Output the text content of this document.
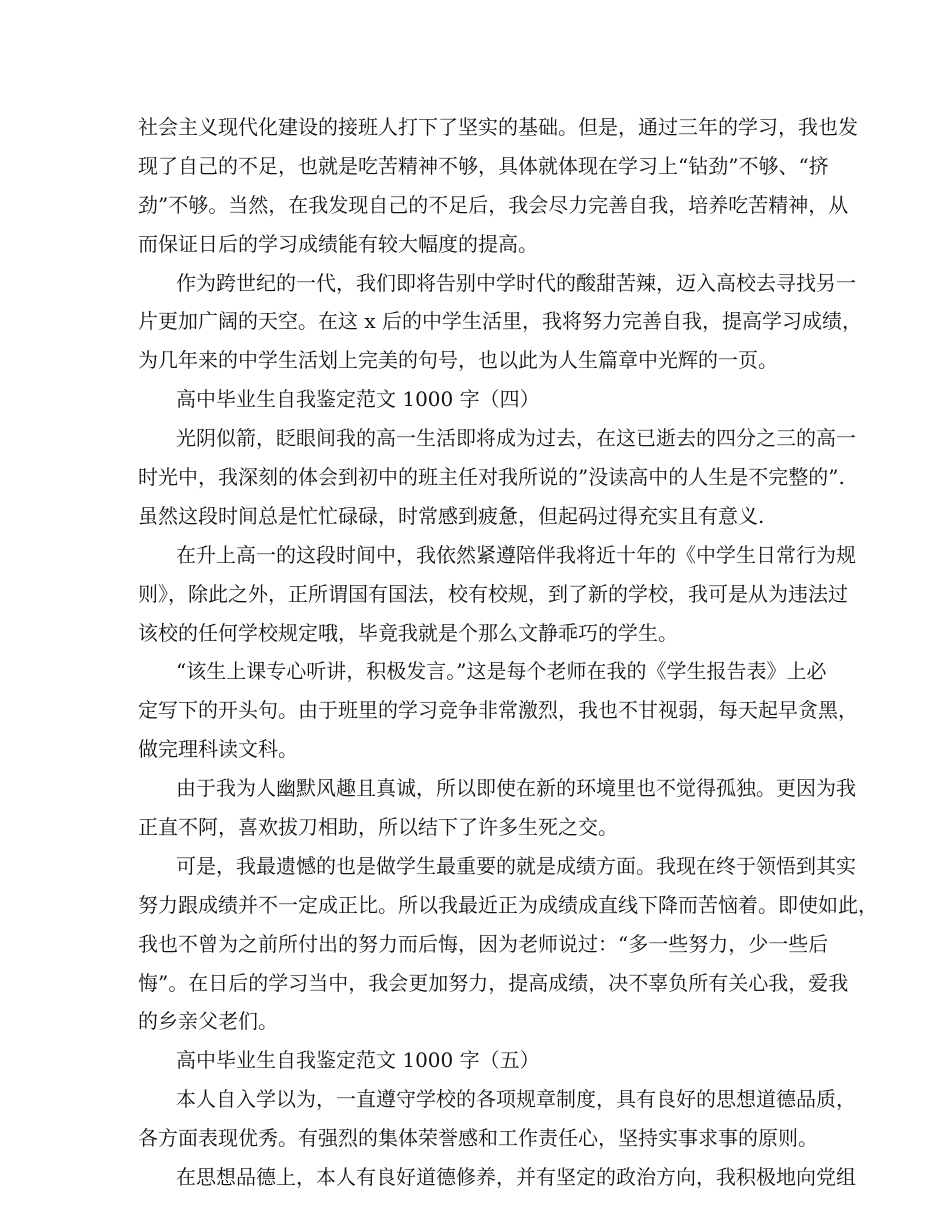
社会主义现代化建设的接班人打下了坚实的基础。但是，通过三年的学习，我也发
现了自己的不足，也就是吃苦精神不够，具体就体现在学习上“钻劲”不够、“挤
劲”不够。当然，在我发现自己的不足后，我会尽力完善自我，培养吃苦精神，从
而保证日后的学习成绩能有较大幅度的提高。
作为跨世纪的一代，我们即将告别中学时代的酸甜苦辣，迈入高校去寻找另一
片更加广阔的天空。在这 x 后的中学生活里，我将努力完善自我，提高学习成绩，
为几年来的中学生活划上完美的句号，也以此为人生篇章中光辉的一页。
高中毕业生自我鉴定范文 1000 字（四）
光阴似箭，眨眼间我的高一生活即将成为过去，在这已逝去的四分之三的高一
时光中，我深刻的体会到初中的班主任对我所说的”没读高中的人生是不完整的”.
虽然这段时间总是忙忙碌碌，时常感到疲惫，但起码过得充实且有意义.
在升上高一的这段时间中，我依然紧遵陪伴我将近十年的《中学生日常行为规
则》，除此之外，正所谓国有国法，校有校规，到了新的学校，我可是从为违法过
该校的任何学校规定哦，毕竟我就是个那么文静乖巧的学生。
“该生上课专心听讲，积极发言。”这是每个老师在我的《学生报告表》上必
定写下的开头句。由于班里的学习竞争非常激烈，我也不甘视弱，每天起早贪黑，
做完理科读文科。
由于我为人幽默风趣且真诚，所以即使在新的环境里也不觉得孤独。更因为我
正直不阿，喜欢拔刀相助，所以结下了许多生死之交。
可是，我最遗憾的也是做学生最重要的就是成绩方面。我现在终于领悟到其实
努力跟成绩并不一定成正比。所以我最近正为成绩成直线下降而苦恼着。即使如此，
我也不曾为之前所付出的努力而后悔，因为老师说过：“多一些努力，少一些后
悔”。在日后的学习当中，我会更加努力，提高成绩，决不辜负所有关心我，爱我
的乡亲父老们。
高中毕业生自我鉴定范文 1000 字（五）
本人自入学以为，一直遵守学校的各项规章制度，具有良好的思想道德品质，
各方面表现优秀。有强烈的集体荣誉感和工作责任心，坚持实事求事的原则。
在思想品德上，本人有良好道德修养，并有坚定的政治方向，我积极地向党组
